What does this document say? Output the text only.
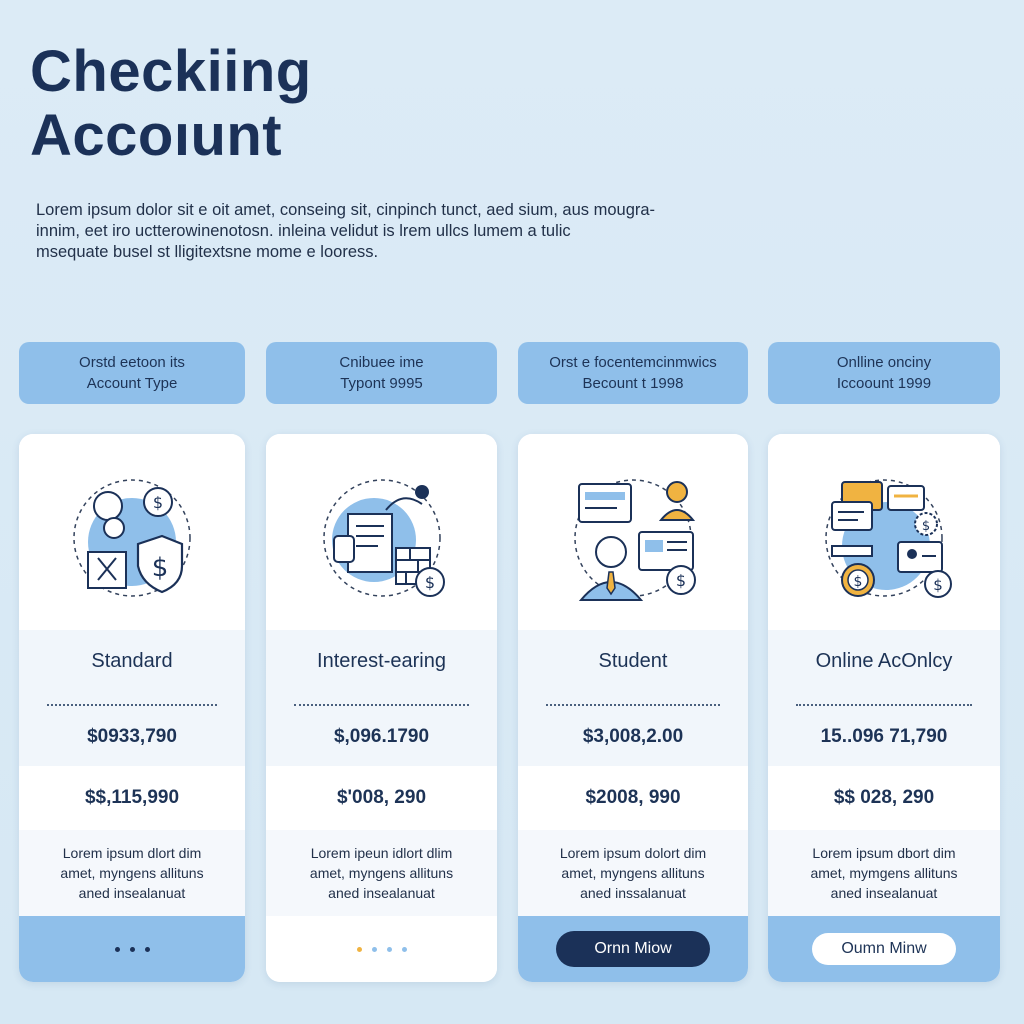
Checkiing
Accoıunt
Lorem ipsum dolor sit e oit amet, conseing sit, cinpinch tunct, aed sium, aus mougra-
innim, eet iro uctterowinenotosn. inleina velidut is lrem ullcs lumem a tulic
msequate busel st lligitextsne mome e looress.
Orstd eetoon its
Account Type
Cnibuee ime
Typont 9995
Orst e focentemcinmwics
Becount t 1998
Onlline onciny
Iccoount 1999
$
$
Standard
$0933,790
$$,115,990
Lorem ipsum dlort dim
amet, myngens allituns
aned insealanuat
$
Interest-earing
$,096.1790
$'008, 290
Lorem ipeun idlort dlim
amet, myngens allituns
aned insealanuat
$
Student
$3,008,2.00
$2008, 990
Lorem ipsum dolort dim
amet, myngens allituns
aned inssalanuat
Ornn Miow
$
$	$
Online AcOnlcy
15..096 71,790
$$ 028, 290
Lorem ipsum dbort dim
amet, mymgens allituns
aned insealanuat
Oumn Minw
